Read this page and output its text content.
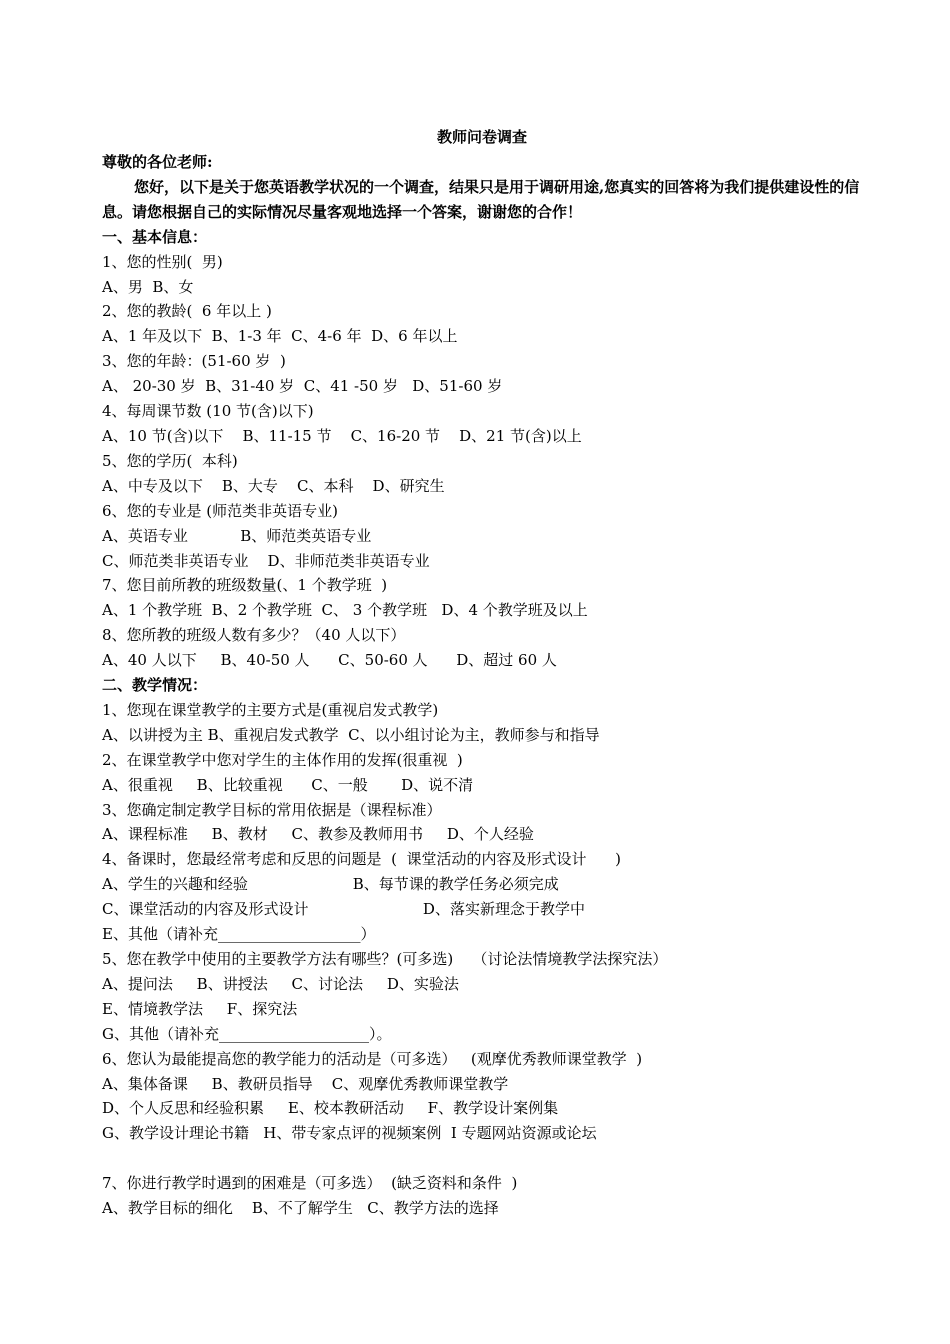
教师问卷调查
尊敬的各位老师:
您好，以下是关于您英语教学状况的一个调查，结果只是用于调研用途,您真实的回答将为我们提供建设性的信息。请您根据自己的实际情况尽量客观地选择一个答案，谢谢您的合作！
一、基本信息：
1、您的性别(  男)
A、男  B、女
2、您的教龄(  6 年以上 )
A、1 年及以下  B、1-3 年  C、4-6 年  D、6 年以上
3、您的年龄：(51-60 岁  )
A、 20-30 岁  B、31-40 岁  C、41 -50 岁   D、51-60 岁
4、每周课节数 (10 节(含)以下)
A、10 节(含)以下    B、11-15 节    C、16-20 节    D、21 节(含)以上
5、您的学历(  本科)
A、中专及以下    B、大专    C、本科    D、研究生
6、您的专业是 (师范类非英语专业)
A、英语专业           B、师范类英语专业
C、师范类非英语专业    D、非师范类非英语专业
7、您目前所教的班级数量(、1 个教学班  )
A、1 个教学班  B、2 个教学班  C、 3 个教学班   D、4 个教学班及以上
8、您所教的班级人数有多少？（40 人以下）
A、40 人以下     B、40-50 人      C、50-60 人      D、超过 60 人
二、教学情况：
1、您现在课堂教学的主要方式是(重视启发式教学)
A、以讲授为主 B、重视启发式教学  C、以小组讨论为主，教师参与和指导
2、在课堂教学中您对学生的主体作用的发挥(很重视  )
A、很重视     B、比较重视      C、一般       D、说不清
3、您确定制定教学目标的常用依据是（课程标准）
A、课程标准     B、教材     C、教参及教师用书     D、个人经验
4、备课时，您最经常考虑和反思的问题是  (  课堂活动的内容及形式设计      )
A、学生的兴趣和经验                      B、每节课的教学任务必须完成
C、课堂活动的内容及形式设计                        D、落实新理念于教学中
E、其他（请补充___________________）
5、您在教学中使用的主要教学方法有哪些？(可多选)    （讨论法情境教学法探究法）
A、提问法     B、讲授法     C、讨论法     D、实验法
E、情境教学法     F、探究法
G、其他（请补充____________________）。
6、您认为最能提高您的教学能力的活动是（可多选）   (观摩优秀教师课堂教学  )
A、集体备课     B、教研员指导    C、观摩优秀教师课堂教学
D、个人反思和经验积累     E、校本教研活动     F、教学设计案例集
G、教学设计理论书籍   H、带专家点评的视频案例  I 专题网站资源或论坛
7、你进行教学时遇到的困难是（可多选）  (缺乏资料和条件  )
A、教学目标的细化    B、不了解学生   C、教学方法的选择
